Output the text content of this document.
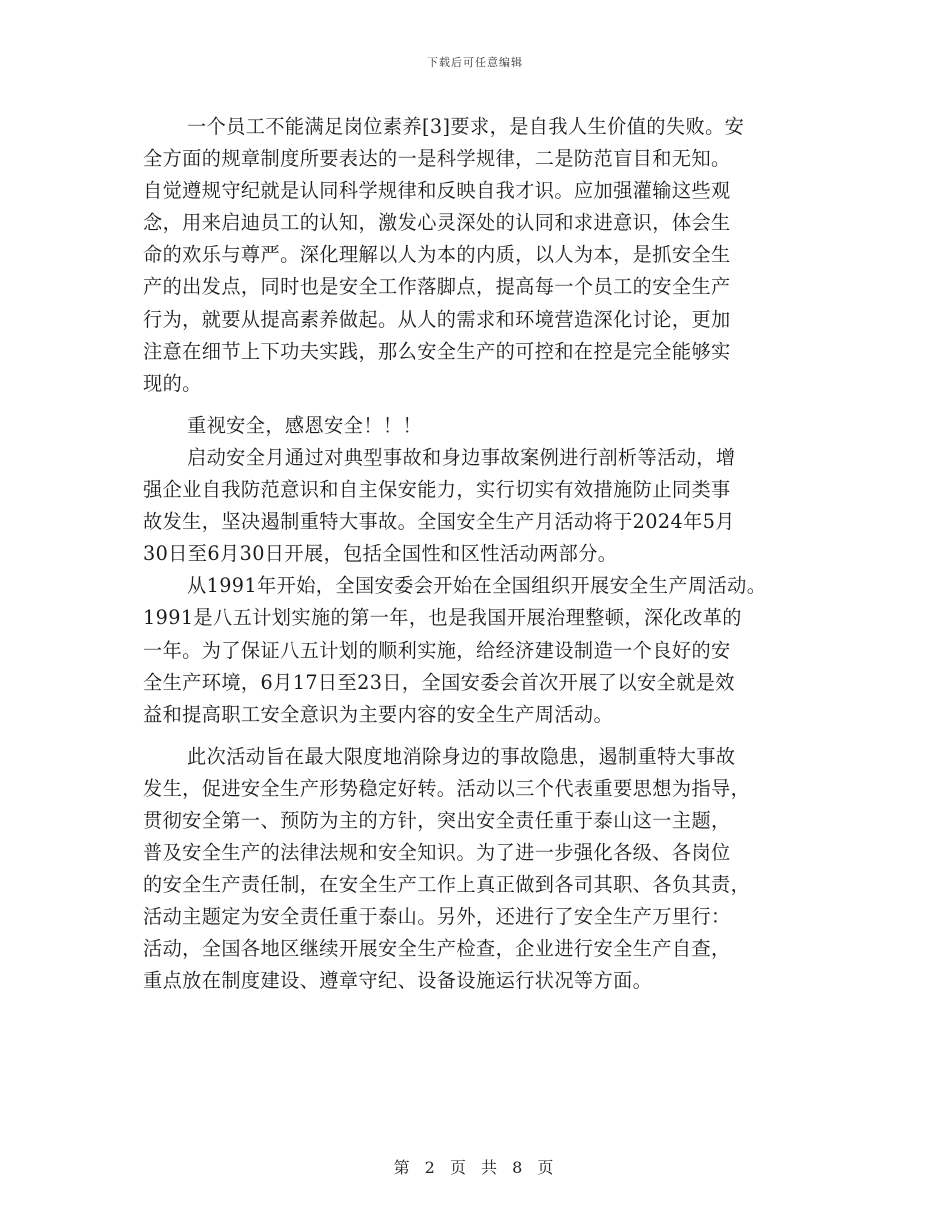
下载后可任意编辑
一个员工不能满足岗位素养[3]要求，是自我人生价值的失败。安
全方面的规章制度所要表达的一是科学规律，二是防范盲目和无知。
自觉遵规守纪就是认同科学规律和反映自我才识。应加强灌输这些观
念，用来启迪员工的认知，激发心灵深处的认同和求进意识，体会生
命的欢乐与尊严。深化理解以人为本的内质，以人为本，是抓安全生
产的出发点，同时也是安全工作落脚点，提高每一个员工的安全生产
行为，就要从提高素养做起。从人的需求和环境营造深化讨论，更加
注意在细节上下功夫实践，那么安全生产的可控和在控是完全能够实
现的。
重视安全，感恩安全！！！
启动安全月通过对典型事故和身边事故案例进行剖析等活动，增
强企业自我防范意识和自主保安能力，实行切实有效措施防止同类事
故发生，坚决遏制重特大事故。全国安全生产月活动将于2024年5月
30日至6月30日开展，包括全国性和区性活动两部分。
从1991年开始，全国安委会开始在全国组织开展安全生产周活动。
1991是八五计划实施的第一年，也是我国开展治理整顿，深化改革的
一年。为了保证八五计划的顺利实施，给经济建设制造一个良好的安
全生产环境，6月17日至23日，全国安委会首次开展了以安全就是效
益和提高职工安全意识为主要内容的安全生产周活动。
此次活动旨在最大限度地消除身边的事故隐患，遏制重特大事故
发生，促进安全生产形势稳定好转。活动以三个代表重要思想为指导，
贯彻安全第一、预防为主的方针，突出安全责任重于泰山这一主题，
普及安全生产的法律法规和安全知识。为了进一步强化各级、各岗位
的安全生产责任制，在安全生产工作上真正做到各司其职、各负其责，
活动主题定为安全责任重于泰山。另外，还进行了安全生产万里行：
活动，全国各地区继续开展安全生产检查，企业进行安全生产自查，
重点放在制度建设、遵章守纪、设备设施运行状况等方面。
第 2 页 共 8 页
